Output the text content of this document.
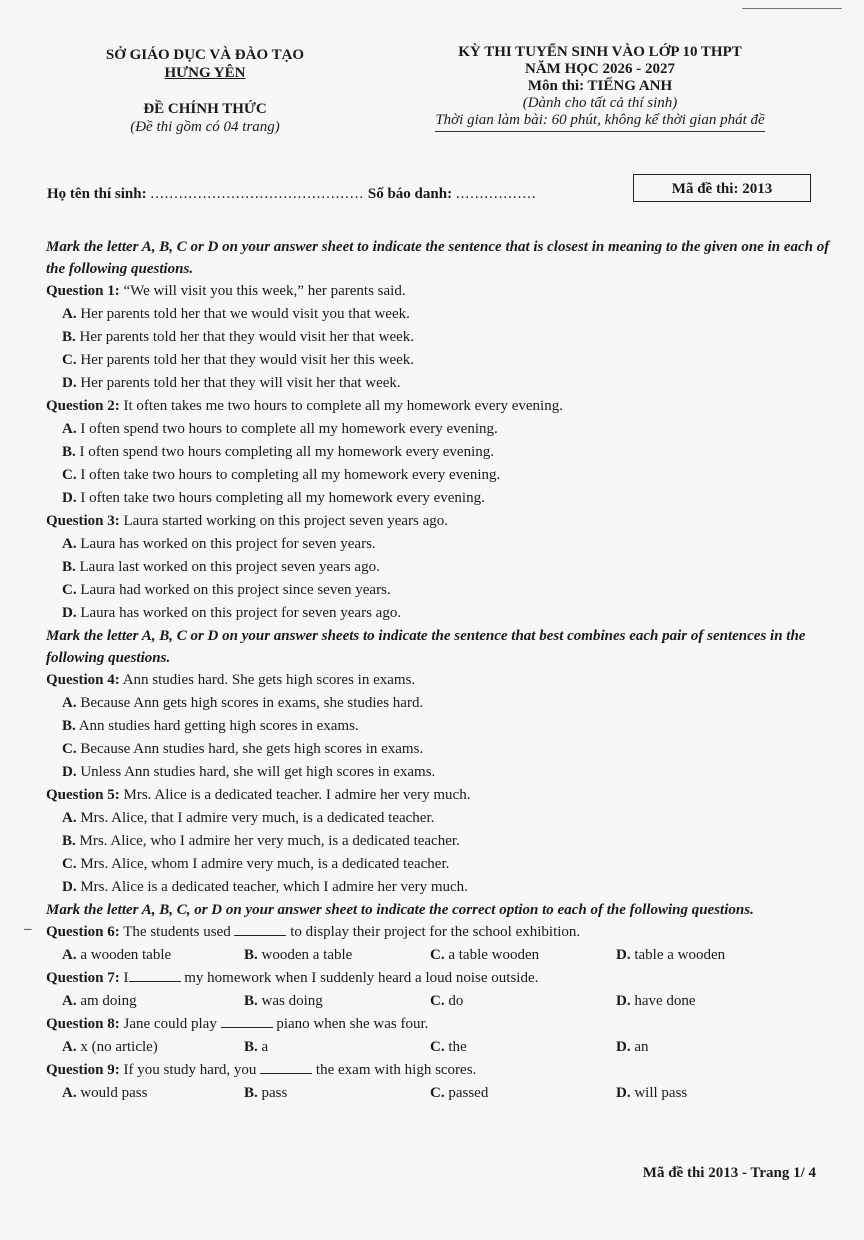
SỞ GIÁO DỤC VÀ ĐÀO TẠO
HƯNG YÊN
ĐỀ CHÍNH THỨC
(Đề thi gồm có 04 trang)
KỲ THI TUYỂN SINH VÀO LỚP 10 THPT
NĂM HỌC 2026 - 2027
Môn thi: TIẾNG ANH
(Dành cho tất cả thí sinh)
Thời gian làm bài: 60 phút, không kể thời gian phát đề
Họ tên thí sinh: ............................................. Số báo danh: .................	Mã đề thi: 2013

Mark the letter A, B, C or D on your answer sheet to indicate the sentence that is closest in meaning to the given one in each of the following questions.

Question 1: “We will visit you this week,” her parents said.

A. Her parents told her that we would visit you that week.

B. Her parents told her that they would visit her that week.

C. Her parents told her that they would visit her this week.

D. Her parents told her that they will visit her that week.

Question 2: It often takes me two hours to complete all my homework every evening.

A. I often spend two hours to complete all my homework every evening.

B. I often spend two hours completing all my homework every evening.

C. I often take two hours to completing all my homework every evening.

D. I often take two hours completing all my homework every evening.

Question 3: Laura started working on this project seven years ago.

A. Laura has worked on this project for seven years.

B. Laura last worked on this project seven years ago.

C. Laura had worked on this project since seven years.

D. Laura has worked on this project for seven years ago.

Mark the letter A, B, C or D on your answer sheets to indicate the sentence that best combines each pair of sentences in the following questions.

Question 4: Ann studies hard. She gets high scores in exams.

A. Because Ann gets high scores in exams, she studies hard.

B. Ann studies hard getting high scores in exams.

C. Because Ann studies hard, she gets high scores in exams.

D. Unless Ann studies hard, she will get high scores in exams.

Question 5: Mrs. Alice is a dedicated teacher. I admire her very much.

A. Mrs. Alice, that I admire very much, is a dedicated teacher.

B. Mrs. Alice, who I admire her very much, is a dedicated teacher.

C. Mrs. Alice, whom I admire very much, is a dedicated teacher.

D. Mrs. Alice is a dedicated teacher, which I admire her very much.

Mark the letter A, B, C, or D on your answer sheet to indicate the correct option to each of the following questions.

– Question 6: The students used	to display their project for the school exhibition.

A. a wooden table	B. wooden a table	C. a table wooden	D. table a wooden

Question 7: I	my homework when I suddenly heard a loud noise outside.

A. am doing	B. was doing	C. do	D. have done

Question 8: Jane could play	piano when she was four.

A. x (no article)	B. a	C. the	D. an

Question 9: If you study hard, you	the exam with high scores.

A. would pass	B. pass	C. passed	D. will pass
Mã đề thi 2013 - Trang 1/ 4
